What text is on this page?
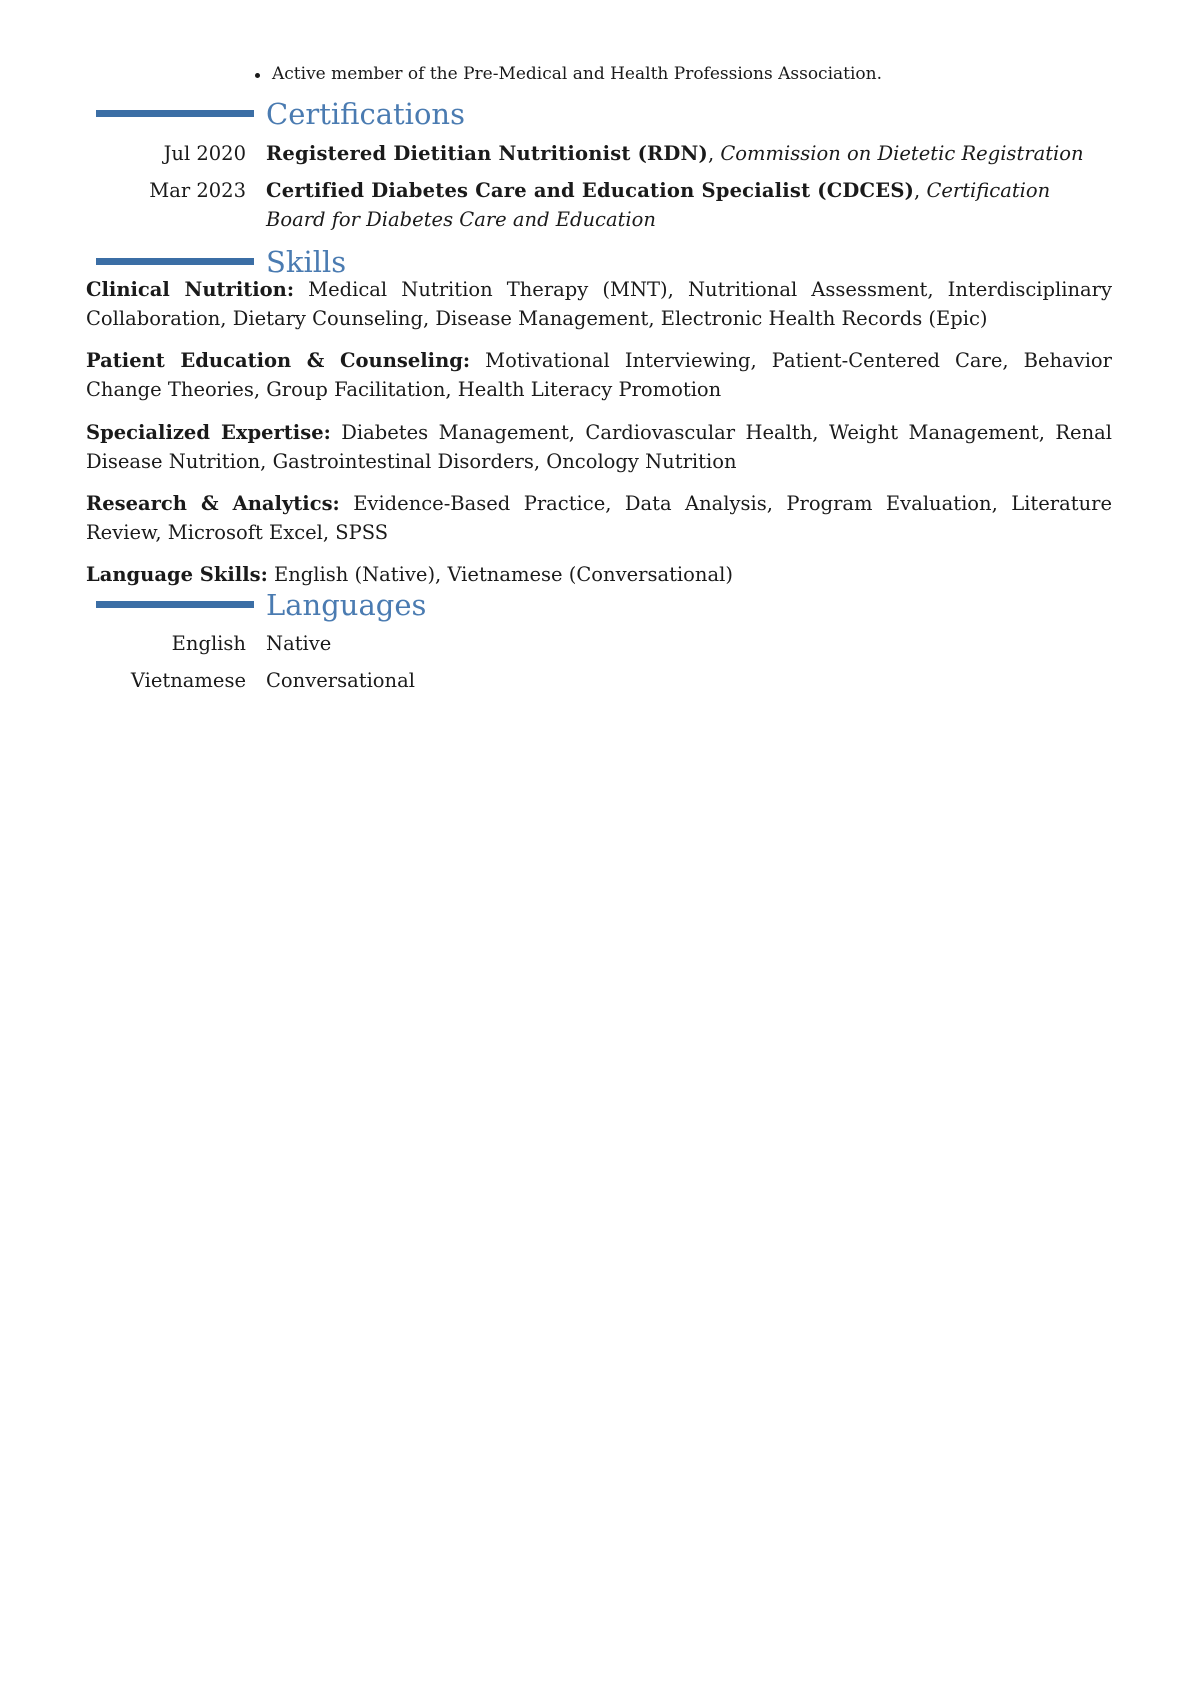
Active member of the Pre-Medical and Health Professions Association.
Certifications
Jul 2020 Registered Dietitian Nutritionist (RDN), Commission on Dietetic Registration
Mar 2023 Certified Diabetes Care and Education Specialist (CDCES), Certification Board for Diabetes Care and Education
Skills
Clinical Nutrition: Medical Nutrition Therapy (MNT), Nutritional Assessment, Interdisciplinary Collaboration, Dietary Counseling, Disease Management, Electronic Health Records (Epic)
Patient Education & Counseling: Motivational Interviewing, Patient-Centered Care, Behavior Change Theories, Group Facilitation, Health Literacy Promotion
Specialized Expertise: Diabetes Management, Cardiovascular Health, Weight Management, Renal Disease Nutrition, Gastrointestinal Disorders, Oncology Nutrition
Research & Analytics: Evidence-Based Practice, Data Analysis, Program Evaluation, Literature Review, Microsoft Excel, SPSS
Language Skills: English (Native), Vietnamese (Conversational)
Languages
English Native
Vietnamese Conversational
